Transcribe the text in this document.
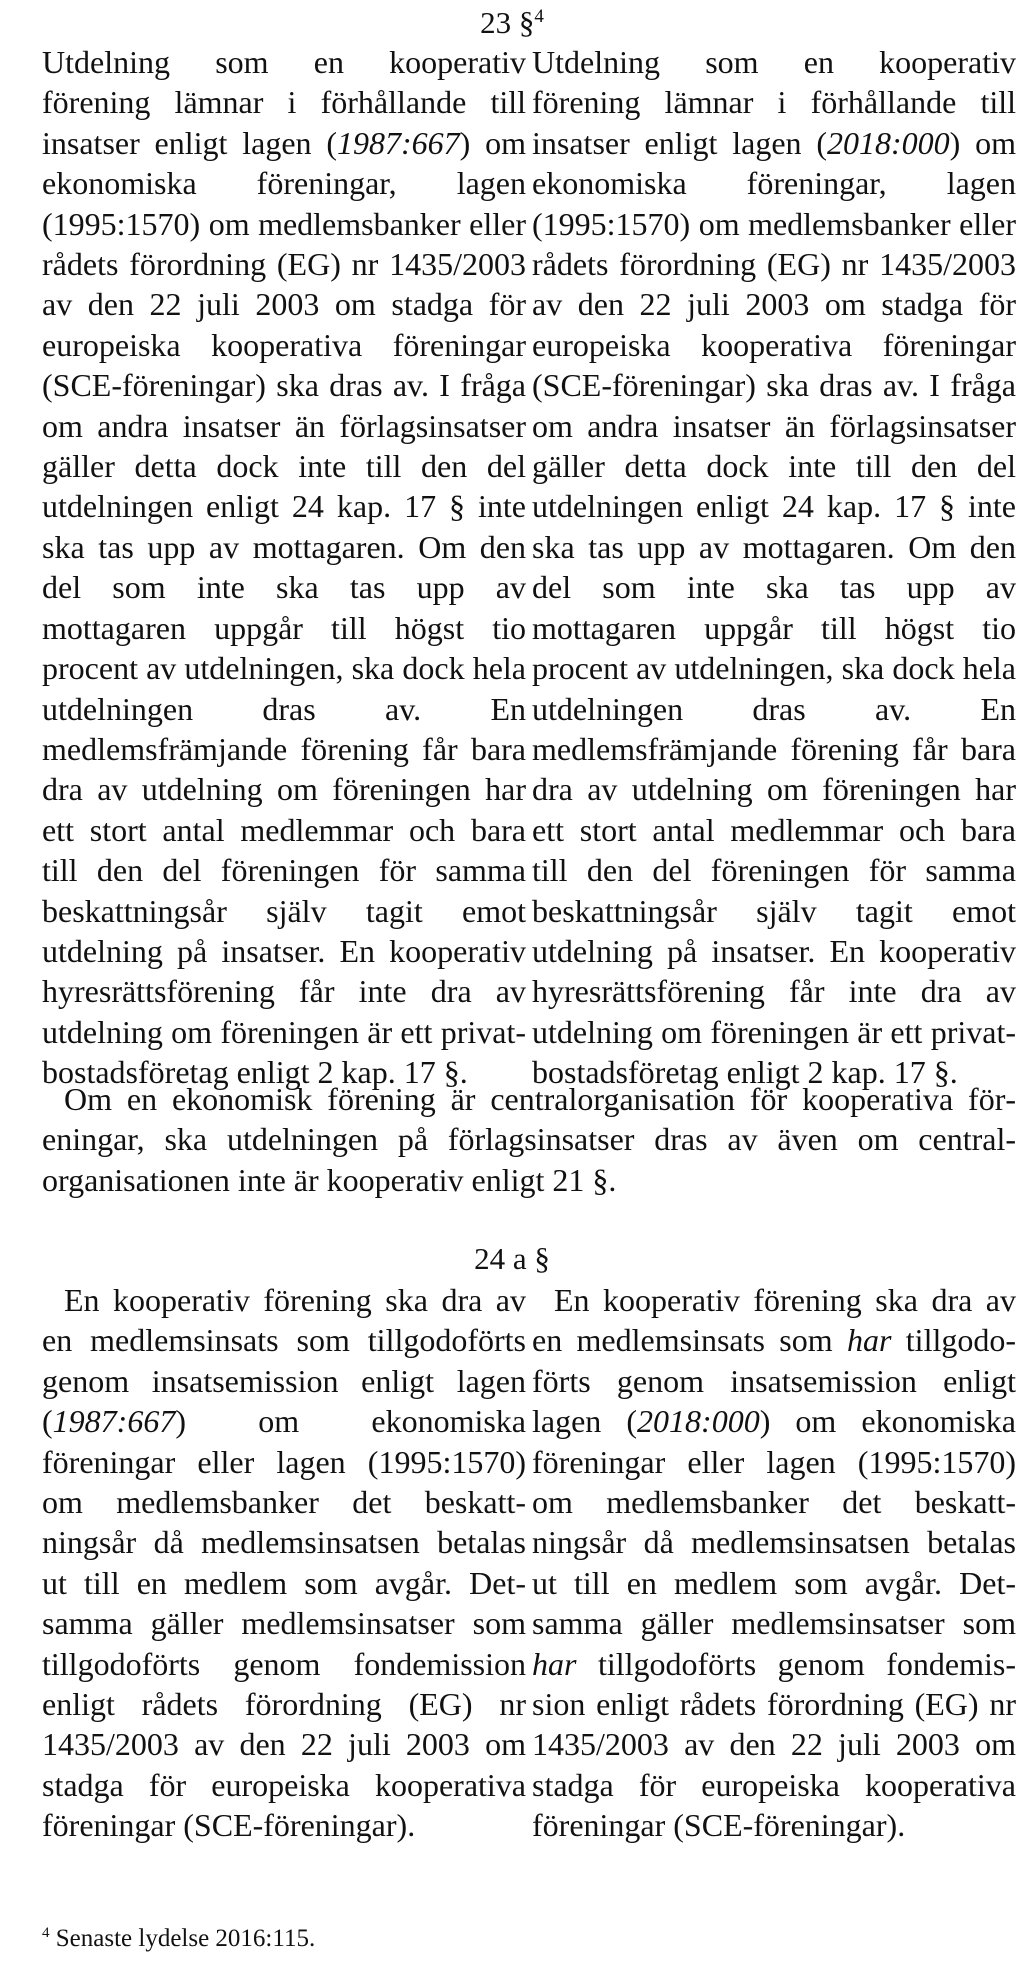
23 §$^4$

Utdelning som en kooperativ förening lämnar i förhållande till insatser enligt lagen (1987:667) om ekonomiska föreningar, lagen (1995:1570) om medlemsbanker eller rådets förordning (EG) nr 1435/2003 av den 22 juli 2003 om stadga för europeiska kooperativa föreningar (SCE-föreningar) ska dras av. I fråga om andra insatser än förlagsinsatser gäller detta dock inte till den del utdelningen enligt 24 kap. 17 § inte ska tas upp av mottagaren. Om den del som inte ska tas upp av mottagaren uppgår till högst tio procent av utdelningen, ska dock hela utdelningen dras av. En medlemsfrämjande förening får bara dra av utdelning om föreningen har ett stort antal medlemmar och bara till den del föreningen för samma beskattningsår själv tagit emot utdelning på insatser. En kooperativ hyresrättsförening får inte dra av utdelning om föreningen är ett privatbostadsföretag enligt 2 kap. 17 §.

Utdelning som en kooperativ förening lämnar i förhållande till insatser enligt lagen (2018:000) om ekonomiska föreningar, lagen (1995:1570) om medlemsbanker eller rådets förordning (EG) nr 1435/2003 av den 22 juli 2003 om stadga för europeiska kooperativa föreningar (SCE-föreningar) ska dras av. I fråga om andra insatser än förlagsinsatser gäller detta dock inte till den del utdelningen enligt 24 kap. 17 § inte ska tas upp av mottagaren. Om den del som inte ska tas upp av mottagaren uppgår till högst tio procent av utdelningen, ska dock hela utdelningen dras av. En medlemsfrämjande förening får bara dra av utdelning om föreningen har ett stort antal medlemmar och bara till den del föreningen för samma beskattningsår själv tagit emot utdelning på insatser. En kooperativ hyresrättsförening får inte dra av utdelning om föreningen är ett privatbostadsföretag enligt 2 kap. 17 §.

Om en ekonomisk förening är centralorganisation för kooperativa föreningar, ska utdelningen på förlagsinsatser dras av även om centralorganisationen inte är kooperativ enligt 21 §.

24 a §

En kooperativ förening ska dra av en medlemsinsats som tillgodoförts genom insatsemission enligt lagen (1987:667) om ekonomiska föreningar eller lagen (1995:1570) om medlemsbanker det beskattningsår då medlemsinsatsen betalas ut till en medlem som avgår. Detsamma gäller medlemsinsatser som tillgodoförts genom fondemission enligt rådets förordning (EG) nr 1435/2003 av den 22 juli 2003 om stadga för europeiska kooperativa föreningar (SCE-föreningar).

En kooperativ förening ska dra av en medlemsinsats som har tillgodoförts genom insatsemission enligt lagen (2018:000) om ekonomiska föreningar eller lagen (1995:1570) om medlemsbanker det beskattningsår då medlemsinsatsen betalas ut till en medlem som avgår. Detsamma gäller medlemsinsatser som har tillgodoförts genom fondemission enligt rådets förordning (EG) nr 1435/2003 av den 22 juli 2003 om stadga för europeiska kooperativa föreningar (SCE-föreningar).

$^4$ Senaste lydelse 2016:115.
